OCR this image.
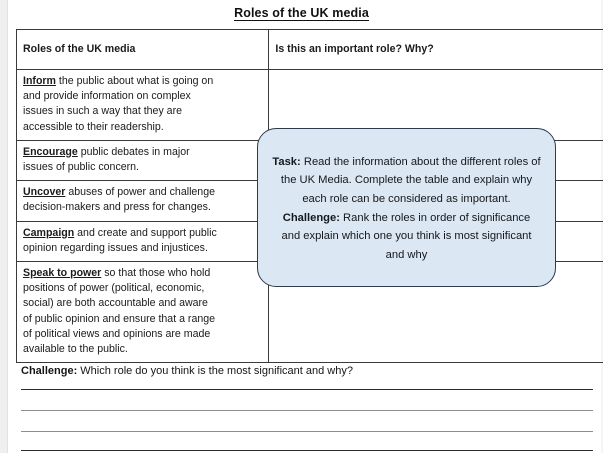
Roles of the UK media
Roles of the UK media	Is this an important role? Why?
Inform the public about what is going on
and provide information on complex
issues in such a way that they are
accessible to their readership.	

Encourage public debates in major
issues of public concern.	

Uncover abuses of power and challenge
decision-makers and press for changes.	

Campaign and create and support public
opinion regarding issues and injustices.	

Speak to power so that those who hold
positions of power (political, economic,
social) are both accountable and aware
of public opinion and ensure that a range
of political views and opinions are made
available to the public.

Task: Read the information about the different roles of the UK Media. Complete the table and explain why each role can be considered as important.

Challenge: Rank the roles in order of significance and explain which one you think is most significant and why

Challenge: Which role do you think is the most significant and why?
